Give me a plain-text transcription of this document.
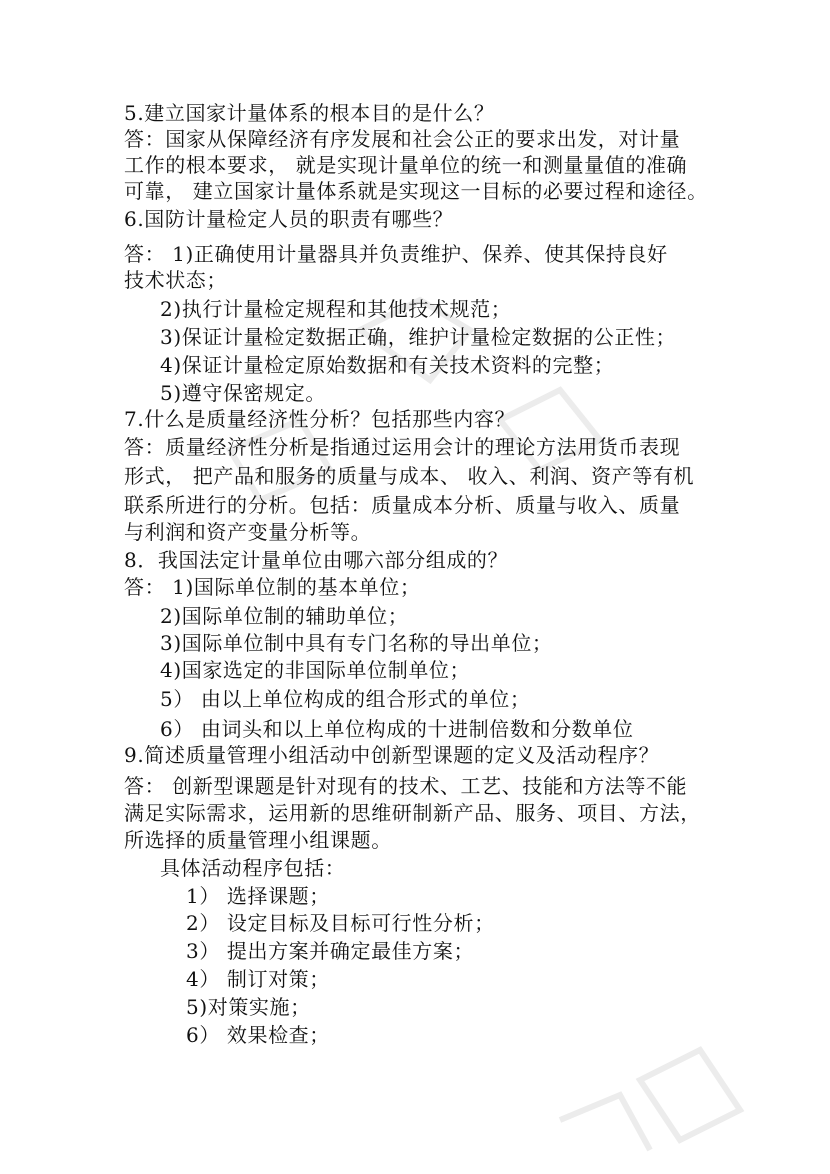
5.建立国家计量体系的根本目的是什么？
答：国家从保障经济有序发展和社会公正的要求出发，对计量
工作的根本要求， 就是实现计量单位的统一和测量量值的准确
可靠， 建立国家计量体系就是实现这一目标的必要过程和途径。
6.国防计量检定人员的职责有哪些？
答： 1)正确使用计量器具并负责维护、保养、使其保持良好
技术状态；
2)执行计量检定规程和其他技术规范；
3)保证计量检定数据正确，维护计量检定数据的公正性；
4)保证计量检定原始数据和有关技术资料的完整；
5)遵守保密规定。
7.什么是质量经济性分析？包括那些内容？
答：质量经济性分析是指通过运用会计的理论方法用货币表现
形式， 把产品和服务的质量与成本、 收入、利润、资产等有机
联系所进行的分析。包括：质量成本分析、质量与收入、质量
与利润和资产变量分析等。
8．我国法定计量单位由哪六部分组成的？
答： 1)国际单位制的基本单位；
2)国际单位制的辅助单位；
3)国际单位制中具有专门名称的导出单位；
4)国家选定的非国际单位制单位；
5） 由以上单位构成的组合形式的单位；
6） 由词头和以上单位构成的十进制倍数和分数单位
9.简述质量管理小组活动中创新型课题的定义及活动程序？
答： 创新型课题是针对现有的技术、工艺、技能和方法等不能
满足实际需求，运用新的思维研制新产品、服务、项目、方法，
所选择的质量管理小组课题。
具体活动程序包括：
1） 选择课题；
2） 设定目标及目标可行性分析；
3） 提出方案并确定最佳方案；
4） 制订对策；
5)对策实施；
6） 效果检查；
